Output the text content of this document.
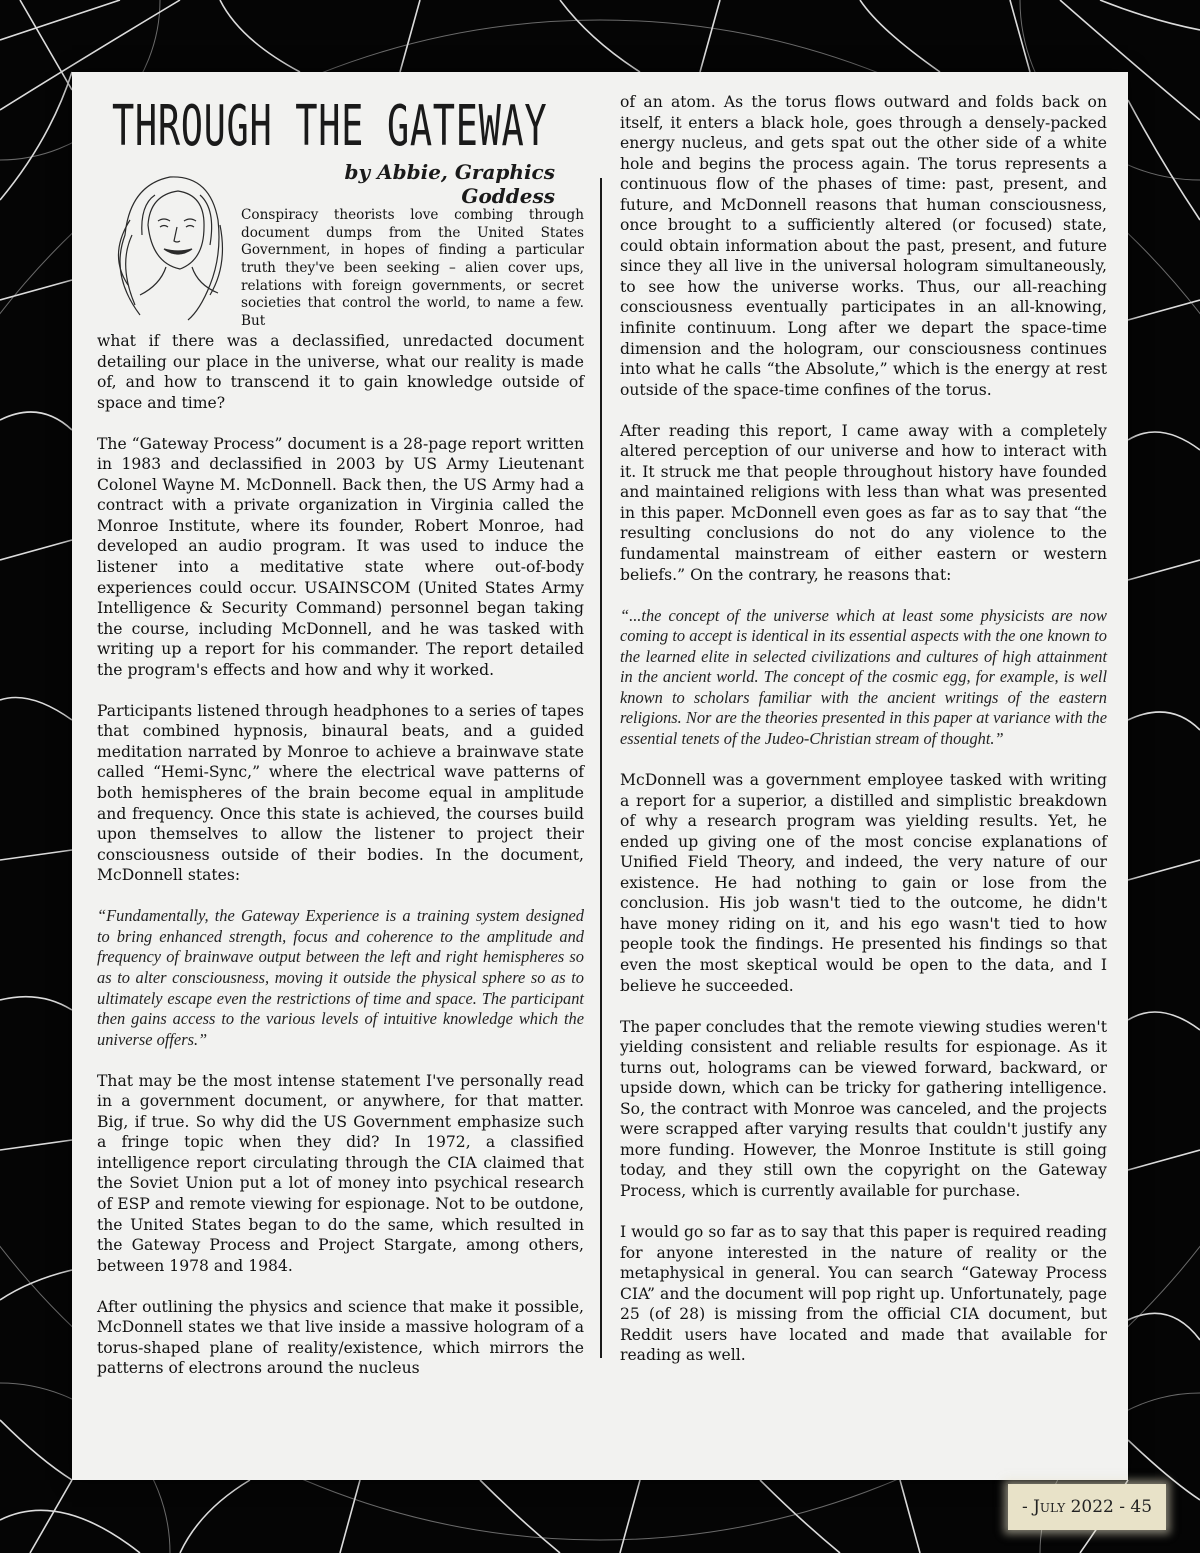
THROUGH THE GATEWAY
by Abbie, Graphics Goddess

Conspiracy theorists love combing through document dumps from the United States Government, in hopes of finding a particular truth they've been seeking – alien cover ups, relations with foreign governments, or secret societies that control the world, to name a few. But

what if there was a declassified, unredacted document detailing our place in the universe, what our reality is made of, and how to transcend it to gain knowledge outside of space and time?

The “Gateway Process” document is a 28-page report written in 1983 and declassified in 2003 by US Army Lieutenant Colonel Wayne M. McDonnell. Back then, the US Army had a contract with a private organization in Virginia called the Monroe Institute, where its founder, Robert Monroe, had developed an audio program. It was used to induce the listener into a meditative state where out-of-body experiences could occur. USAINSCOM (United States Army Intelligence & Security Command) personnel began taking the course, including McDonnell, and he was tasked with writing up a report for his commander. The report detailed the program's effects and how and why it worked.

Participants listened through headphones to a series of tapes that combined hypnosis, binaural beats, and a guided meditation narrated by Monroe to achieve a brainwave state called “Hemi-Sync,” where the electrical wave patterns of both hemispheres of the brain become equal in amplitude and frequency. Once this state is achieved, the courses build upon themselves to allow the listener to project their consciousness outside of their bodies. In the document, McDonnell states:

“Fundamentally, the Gateway Experience is a training system designed to bring enhanced strength, focus and coherence to the amplitude and frequency of brainwave output between the left and right hemispheres so as to alter consciousness, moving it outside the physical sphere so as to ultimately escape even the restrictions of time and space. The participant then gains access to the various levels of intuitive knowledge which the universe offers.”

That may be the most intense statement I've personally read in a government document, or anywhere, for that matter. Big, if true. So why did the US Government emphasize such a fringe topic when they did? In 1972, a classified intelligence report circulating through the CIA claimed that the Soviet Union put a lot of money into psychical research of ESP and remote viewing for espionage. Not to be outdone, the United States began to do the same, which resulted in the Gateway Process and Project Stargate, among others, between 1978 and 1984.

After outlining the physics and science that make it possible, McDonnell states we that live inside a massive hologram of a torus-shaped plane of reality/existence, which mirrors the patterns of electrons around the nucleus

of an atom. As the torus flows outward and folds back on itself, it enters a black hole, goes through a densely-packed energy nucleus, and gets spat out the other side of a white hole and begins the process again. The torus represents a continuous flow of the phases of time: past, present, and future, and McDonnell reasons that human consciousness, once brought to a sufficiently altered (or focused) state, could obtain information about the past, present, and future since they all live in the universal hologram simultaneously, to see how the universe works. Thus, our all-reaching consciousness eventually participates in an all-knowing, infinite continuum. Long after we depart the space-time dimension and the hologram, our consciousness continues into what he calls “the Absolute,” which is the energy at rest outside of the space-time confines of the torus.

After reading this report, I came away with a completely altered perception of our universe and how to interact with it. It struck me that people throughout history have founded and maintained religions with less than what was presented in this paper. McDonnell even goes as far as to say that “the resulting conclusions do not do any violence to the fundamental mainstream of either eastern or western beliefs.” On the contrary, he reasons that:

“...the concept of the universe which at least some physicists are now coming to accept is identical in its essential aspects with the one known to the learned elite in selected civilizations and cultures of high attainment in the ancient world. The concept of the cosmic egg, for example, is well known to scholars familiar with the ancient writings of the eastern religions. Nor are the theories presented in this paper at variance with the essential tenets of the Judeo-Christian stream of thought.”

McDonnell was a government employee tasked with writing a report for a superior, a distilled and simplistic breakdown of why a research program was yielding results. Yet, he ended up giving one of the most concise explanations of Unified Field Theory, and indeed, the very nature of our existence. He had nothing to gain or lose from the conclusion. His job wasn't tied to the outcome, he didn't have money riding on it, and his ego wasn't tied to how people took the findings. He presented his findings so that even the most skeptical would be open to the data, and I believe he succeeded.

The paper concludes that the remote viewing studies weren't yielding consistent and reliable results for espionage. As it turns out, holograms can be viewed forward, backward, or upside down, which can be tricky for gathering intelligence. So, the contract with Monroe was canceled, and the projects were scrapped after varying results that couldn't justify any more funding. However, the Monroe Institute is still going today, and they still own the copyright on the Gateway Process, which is currently available for purchase.

I would go so far as to say that this paper is required reading for anyone interested in the nature of reality or the metaphysical in general. You can search “Gateway Process CIA” and the document will pop right up. Unfortunately, page 25 (of 28) is missing from the official CIA document, but Reddit users have located and made that available for reading as well.

- July 2022 - 45
